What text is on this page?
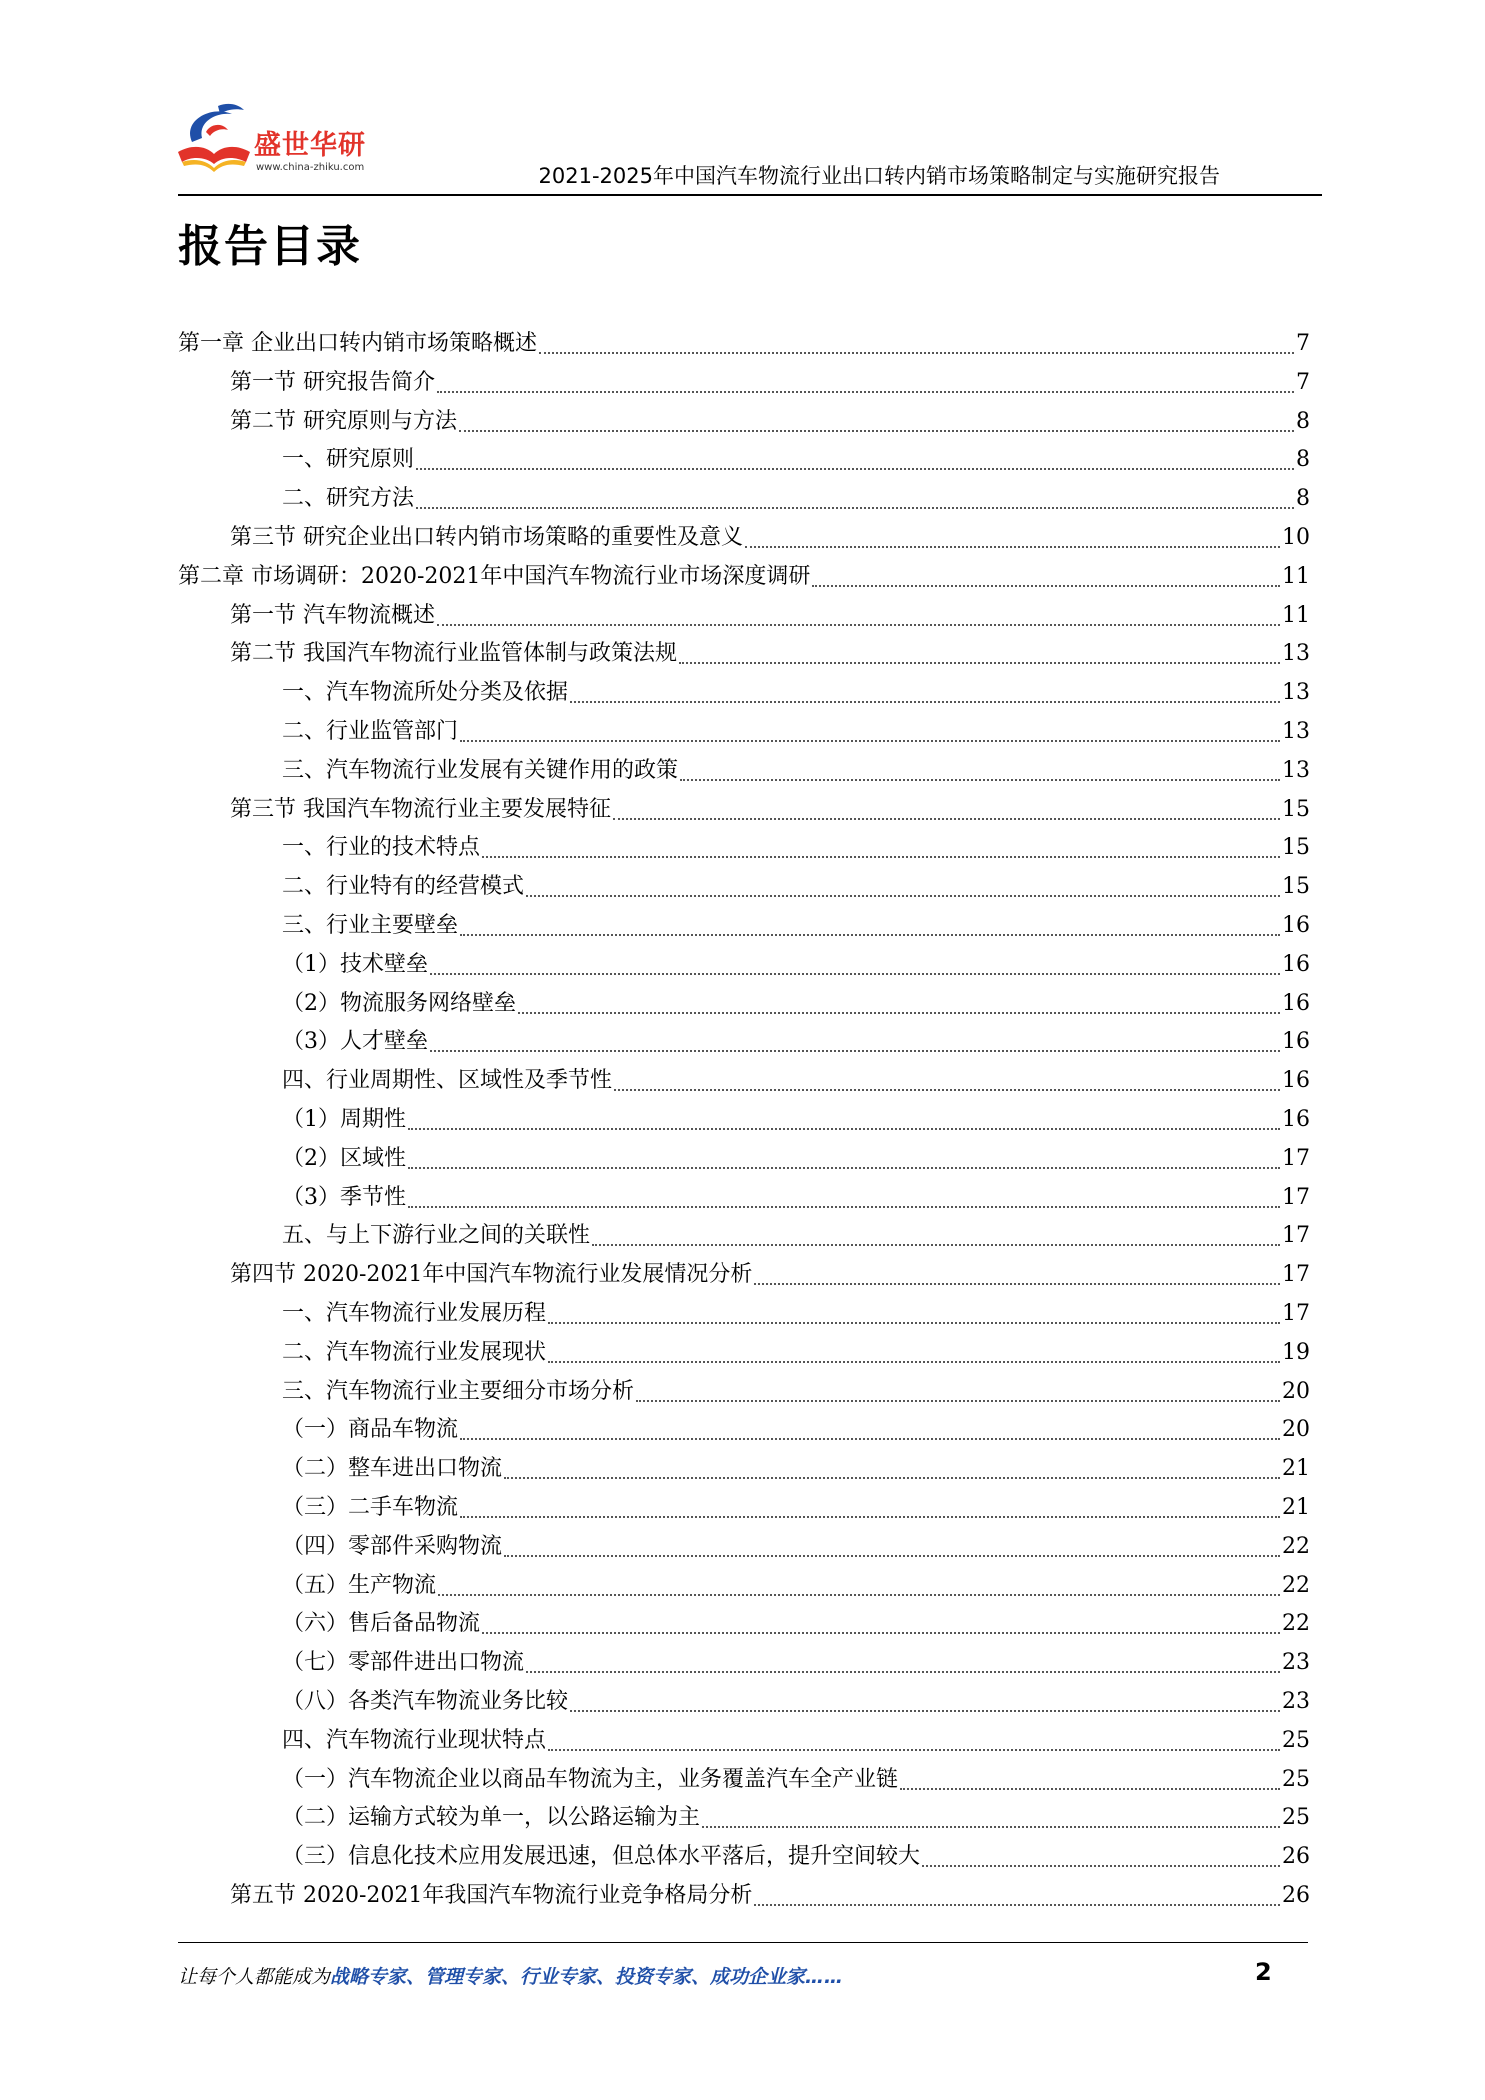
盛世华研
www.china-zhiku.com	2021-2025年中国汽车物流行业出口转内销市场策略制定与实施研究报告
报告目录
第一章 企业出口转内销市场策略概述	7
第一节 研究报告简介	7
第二节 研究原则与方法	8
一、研究原则	8
二、研究方法	8
第三节 研究企业出口转内销市场策略的重要性及意义	10
第二章 市场调研：2020-2021年中国汽车物流行业市场深度调研	11
第一节 汽车物流概述	11
第二节 我国汽车物流行业监管体制与政策法规	13
一、汽车物流所处分类及依据	13
二、行业监管部门	13
三、汽车物流行业发展有关键作用的政策	13
第三节 我国汽车物流行业主要发展特征	15
一、行业的技术特点	15
二、行业特有的经营模式	15
三、行业主要壁垒	16
（1）技术壁垒	16
（2）物流服务网络壁垒	16
（3）人才壁垒	16
四、行业周期性、区域性及季节性	16
（1）周期性	16
（2）区域性	17
（3）季节性	17
五、与上下游行业之间的关联性	17
第四节 2020-2021年中国汽车物流行业发展情况分析	17
一、汽车物流行业发展历程	17
二、汽车物流行业发展现状	19
三、汽车物流行业主要细分市场分析	20
（一）商品车物流	20
（二）整车进出口物流	21
（三）二手车物流	21
（四）零部件采购物流	22
（五）生产物流	22
（六）售后备品物流	22
（七）零部件进出口物流	23
（八）各类汽车物流业务比较	23
四、汽车物流行业现状特点	25
（一）汽车物流企业以商品车物流为主，业务覆盖汽车全产业链	25
（二）运输方式较为单一，以公路运输为主	25
（三）信息化技术应用发展迅速，但总体水平落后，提升空间较大	26
第五节 2020-2021年我国汽车物流行业竞争格局分析	26
让每个人都能成为战略专家、管理专家、行业专家、投资专家、成功企业家……	2
